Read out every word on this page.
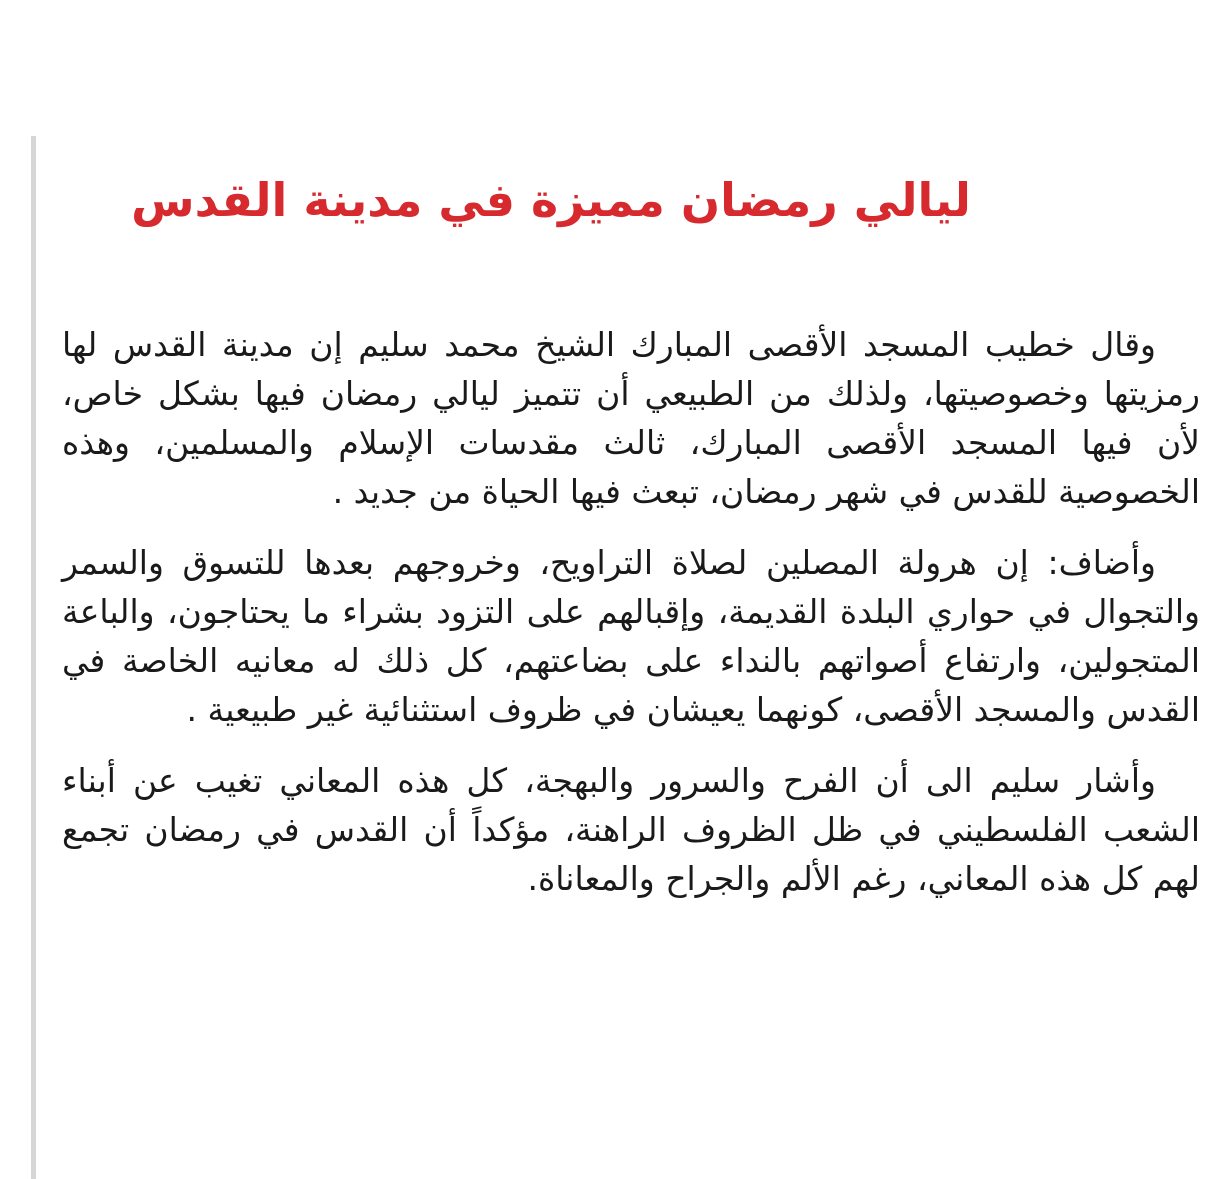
ليالي رمضان مميزة في مدينة القدس

وقال خطيب المسجد الأقصى المبارك الشيخ محمد سليم إن مدينة القدس لها رمزيتها وخصوصيتها، ولذلك من الطبيعي أن تتميز ليالي رمضان فيها بشكل خاص، لأن فيها المسجد الأقصى المبارك، ثالث مقدسات الإسلام والمسلمين، وهذه الخصوصية للقدس في شهر رمضان، تبعث فيها الحياة من جديد .

وأضاف: إن هرولة المصلين لصلاة التراويح، وخروجهم بعدها للتسوق والسمر والتجوال في حواري البلدة القديمة، وإقبالهم على التزود بشراء ما يحتاجون، والباعة المتجولين، وارتفاع أصواتهم بالنداء على بضاعتهم، كل ذلك له معانيه الخاصة في القدس والمسجد الأقصى، كونهما يعيشان في ظروف استثنائية غير طبيعية .

وأشار سليم الى أن الفرح والسرور والبهجة، كل هذه المعاني تغيب عن أبناء الشعب الفلسطيني في ظل الظروف الراهنة، مؤكداً أن القدس في رمضان تجمع لهم كل هذه المعاني، رغم الألم والجراح والمعاناة.
